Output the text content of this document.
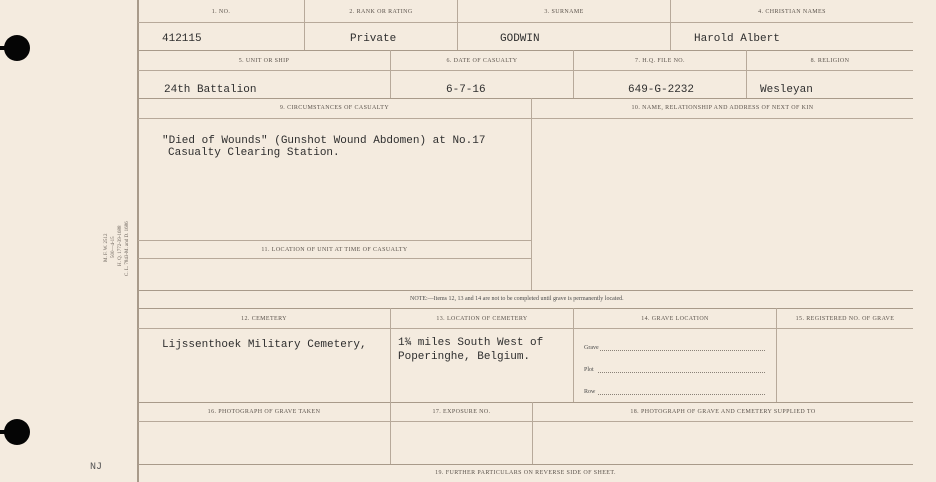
M. F. W. 2512 500—4-15 H. Q. 1772-39-1688 C. L. 7843-M. and D. 1686
1. NO.	2. RANK OR RATING	3. SURNAME	4. CHRISTIAN NAMES
412115	Private	GODWIN	Harold Albert
5. UNIT OR SHIP	6. DATE OF CASUALTY	7. H.Q. FILE NO.	8. RELIGION
24th Battalion	6-7-16	649-G-2232	Wesleyan
9. CIRCUMSTANCES OF CASUALTY	10. NAME, RELATIONSHIP AND ADDRESS OF NEXT OF KIN
"Died of Wounds" (Gunshot Wound Abdomen) at No.17
Casualty Clearing Station.
11. LOCATION OF UNIT AT TIME OF CASUALTY
NOTE:—Items 12, 13 and 14 are not to be completed until grave is permanently located.
12. CEMETERY	13. LOCATION OF CEMETERY	14. GRAVE LOCATION	15. REGISTERED NO. OF GRAVE
Lijssenthoek Military Cemetery,	1¾ miles South West of
Poperinghe, Belgium.
Grave
Plot
Row
16. PHOTOGRAPH OF GRAVE TAKEN	17. EXPOSURE NO.	18. PHOTOGRAPH OF GRAVE AND CEMETERY SUPPLIED TO
19. FURTHER PARTICULARS ON REVERSE SIDE OF SHEET.
NJ
